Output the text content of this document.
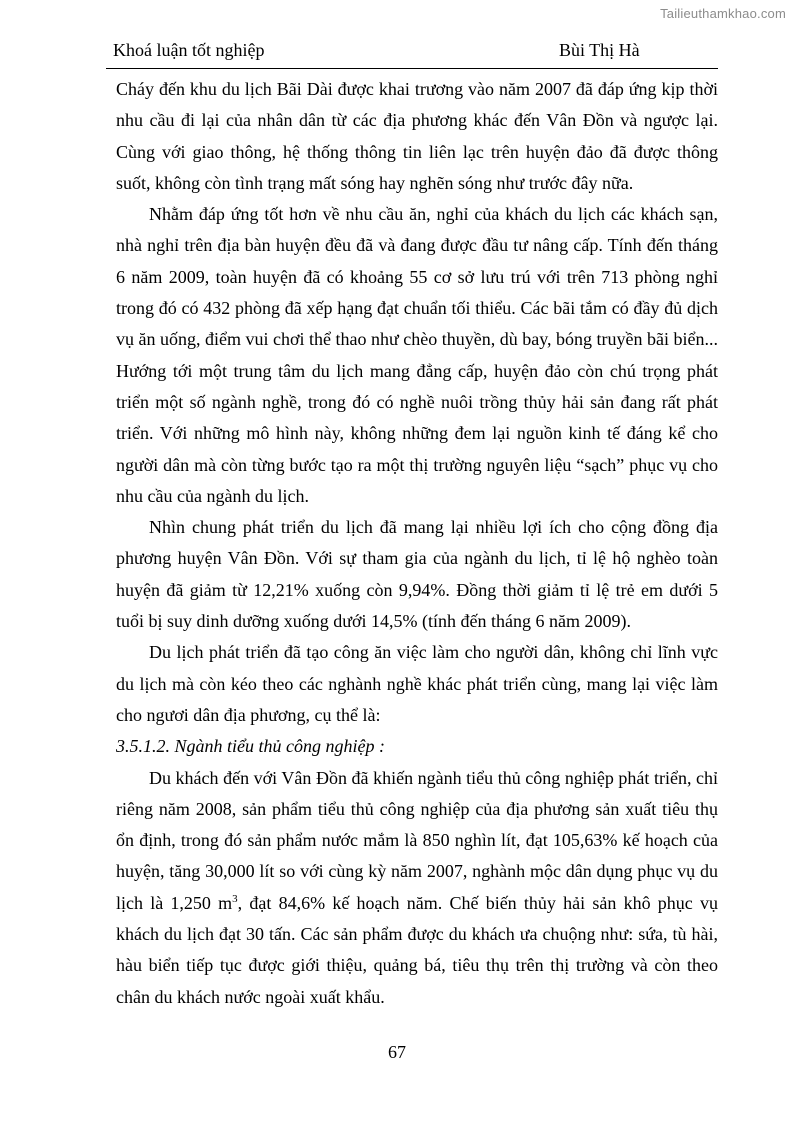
Tailieuthamkhao.com
Khoá luận tốt nghiệp	Bùi Thị Hà

Cháy đến khu du lịch Bãi Dài được khai trương vào năm 2007 đã đáp ứng kịp thời nhu cầu đi lại của nhân dân từ các địa phương khác đến Vân Đồn và ngược lại. Cùng với giao thông, hệ thống thông tin liên lạc trên huyện đảo đã được thông suốt, không còn tình trạng mất sóng hay nghẽn sóng như trước đây nữa.

Nhằm đáp ứng tốt hơn về nhu cầu ăn, nghỉ của khách du lịch các khách sạn, nhà nghỉ trên địa bàn huyện đều đã và đang được đầu tư nâng cấp. Tính đến tháng 6 năm 2009, toàn huyện đã có khoảng 55 cơ sở lưu trú với trên 713 phòng nghỉ trong đó có 432 phòng đã xếp hạng đạt chuẩn tối thiểu. Các bãi tắm có đầy đủ dịch vụ ăn uống, điểm vui chơi thể thao như chèo thuyền, dù bay, bóng truyền bãi biển... Hướng tới một trung tâm du lịch mang đẳng cấp, huyện đảo còn chú trọng phát triển một số ngành nghề, trong đó có nghề nuôi trồng thủy hải sản đang rất phát triển. Với những mô hình này, không những đem lại nguồn kinh tế đáng kể cho người dân mà còn từng bước tạo ra một thị trường nguyên liệu “sạch” phục vụ cho nhu cầu của ngành du lịch.

Nhìn chung phát triển du lịch đã mang lại nhiều lợi ích cho cộng đồng địa phương huyện Vân Đồn. Với sự tham gia của ngành du lịch, tỉ lệ hộ nghèo toàn huyện đã giảm từ 12,21% xuống còn 9,94%. Đồng thời giảm tỉ lệ trẻ em dưới 5 tuổi bị suy dinh dưỡng xuống dưới 14,5% (tính đến tháng 6 năm 2009).

Du lịch phát triển đã tạo công ăn việc làm cho người dân, không chỉ lĩnh vực du lịch mà còn kéo theo các nghành nghề khác phát triển cùng, mang lại việc làm cho ngươi dân địa phương, cụ thể là:

3.5.1.2. Ngành tiểu thủ công nghiệp :

Du khách đến với Vân Đồn đã khiến ngành tiểu thủ công nghiệp phát triển, chỉ riêng năm 2008, sản phẩm tiểu thủ công nghiệp của địa phương sản xuất tiêu thụ ổn định, trong đó sản phẩm nước mắm là 850 nghìn lít, đạt 105,63% kế hoạch của huyện, tăng 30,000 lít so với cùng kỳ năm 2007, nghành mộc dân dụng phục vụ du lịch là 1,250 $m^3$, đạt 84,6% kế hoạch năm. Chế biến thủy hải sản khô phục vụ khách du lịch đạt 30 tấn. Các sản phẩm được du khách ưa chuộng như: sứa, tù hài, hàu biển tiếp tục được giới thiệu, quảng bá, tiêu thụ trên thị trường và còn theo chân du khách nước ngoài xuất khẩu.

67
